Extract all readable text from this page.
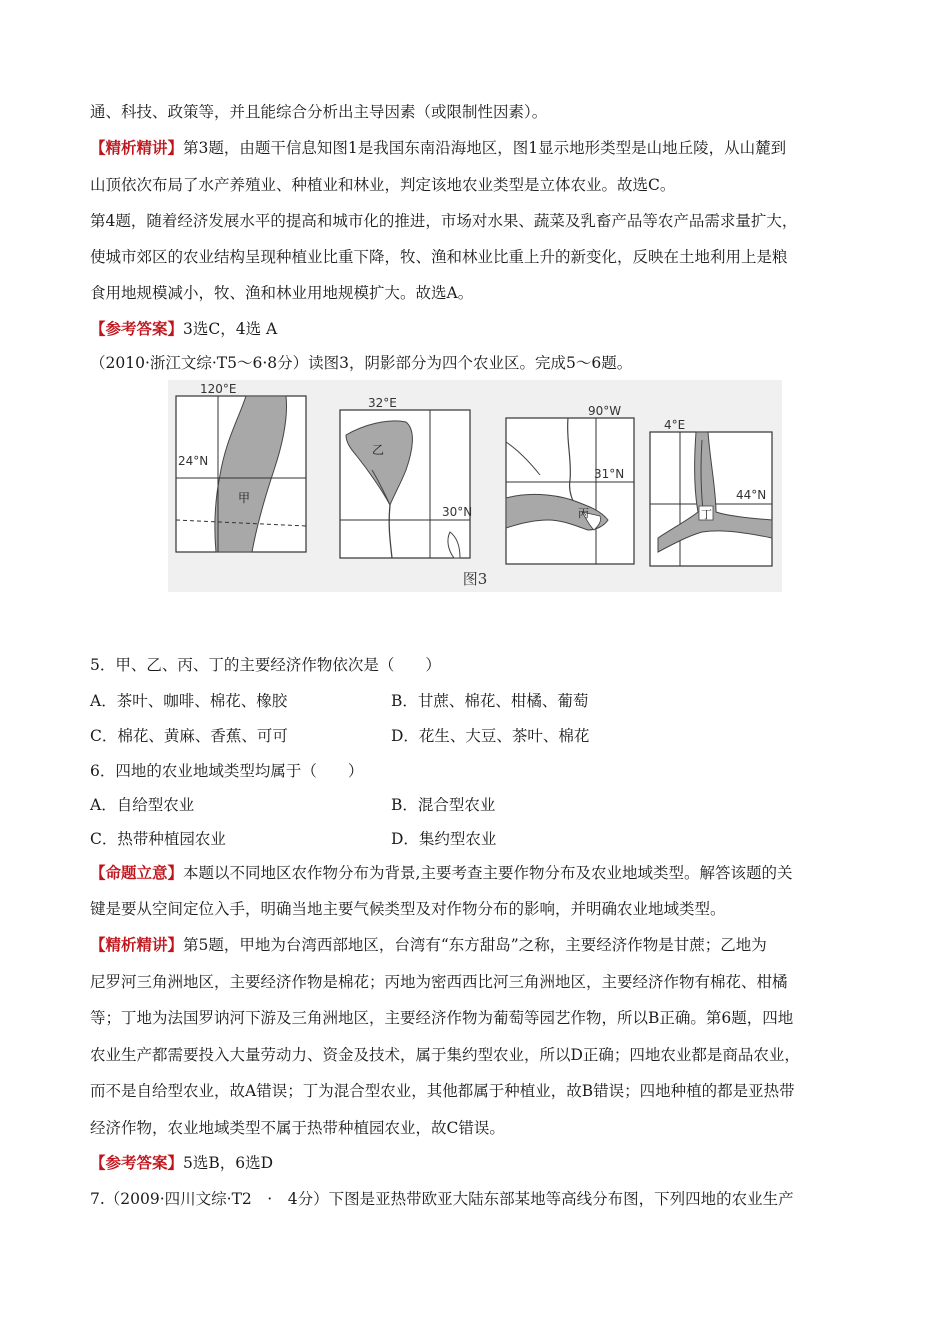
通、科技、政策等，并且能综合分析出主导因素（或限制性因素）。
【精析精讲】第3题，由题干信息知图1是我国东南沿海地区，图1显示地形类型是山地丘陵，从山麓到
山顶依次布局了水产养殖业、种植业和林业，判定该地农业类型是立体农业。故选C。
第4题，随着经济发展水平的提高和城市化的推进，市场对水果、蔬菜及乳畜产品等农产品需求量扩大，
使城市郊区的农业结构呈现种植业比重下降，牧、渔和林业比重上升的新变化，反映在土地利用上是粮
食用地规模减小，牧、渔和林业用地规模扩大。故选A。
【参考答案】3选C，4选 A
（2010·浙江文综·T5～6·8分）读图3，阴影部分为四个农业区。完成5～6题。
120°E
24°N
甲
32°E
30°N
乙
90°W
31°N
丙
4°E
44°N
丁
图3
5．甲、乙、丙、丁的主要经济作物依次是（　　）
A．茶叶、咖啡、棉花、橡胶	B．甘蔗、棉花、柑橘、葡萄
C．棉花、黄麻、香蕉、可可	D．花生、大豆、茶叶、棉花
6．四地的农业地域类型均属于（　　）
A．自给型农业	B．混合型农业
C．热带种植园农业	D．集约型农业
【命题立意】本题以不同地区农作物分布为背景,主要考查主要作物分布及农业地域类型。解答该题的关
键是要从空间定位入手，明确当地主要气候类型及对作物分布的影响，并明确农业地域类型。
【精析精讲】第5题，甲地为台湾西部地区，台湾有“东方甜岛”之称，主要经济作物是甘蔗；乙地为
尼罗河三角洲地区，主要经济作物是棉花；丙地为密西西比河三角洲地区，主要经济作物有棉花、柑橘
等；丁地为法国罗讷河下游及三角洲地区，主要经济作物为葡萄等园艺作物，所以B正确。第6题，四地
农业生产都需要投入大量劳动力、资金及技术，属于集约型农业，所以D正确；四地农业都是商品农业，
而不是自给型农业，故A错误；丁为混合型农业，其他都属于种植业，故B错误；四地种植的都是亚热带
经济作物，农业地域类型不属于热带种植园农业，故C错误。
【参考答案】5选B，6选D
7.（2009·四川文综·T2　·　4分）下图是亚热带欧亚大陆东部某地等高线分布图，下列四地的农业生产
